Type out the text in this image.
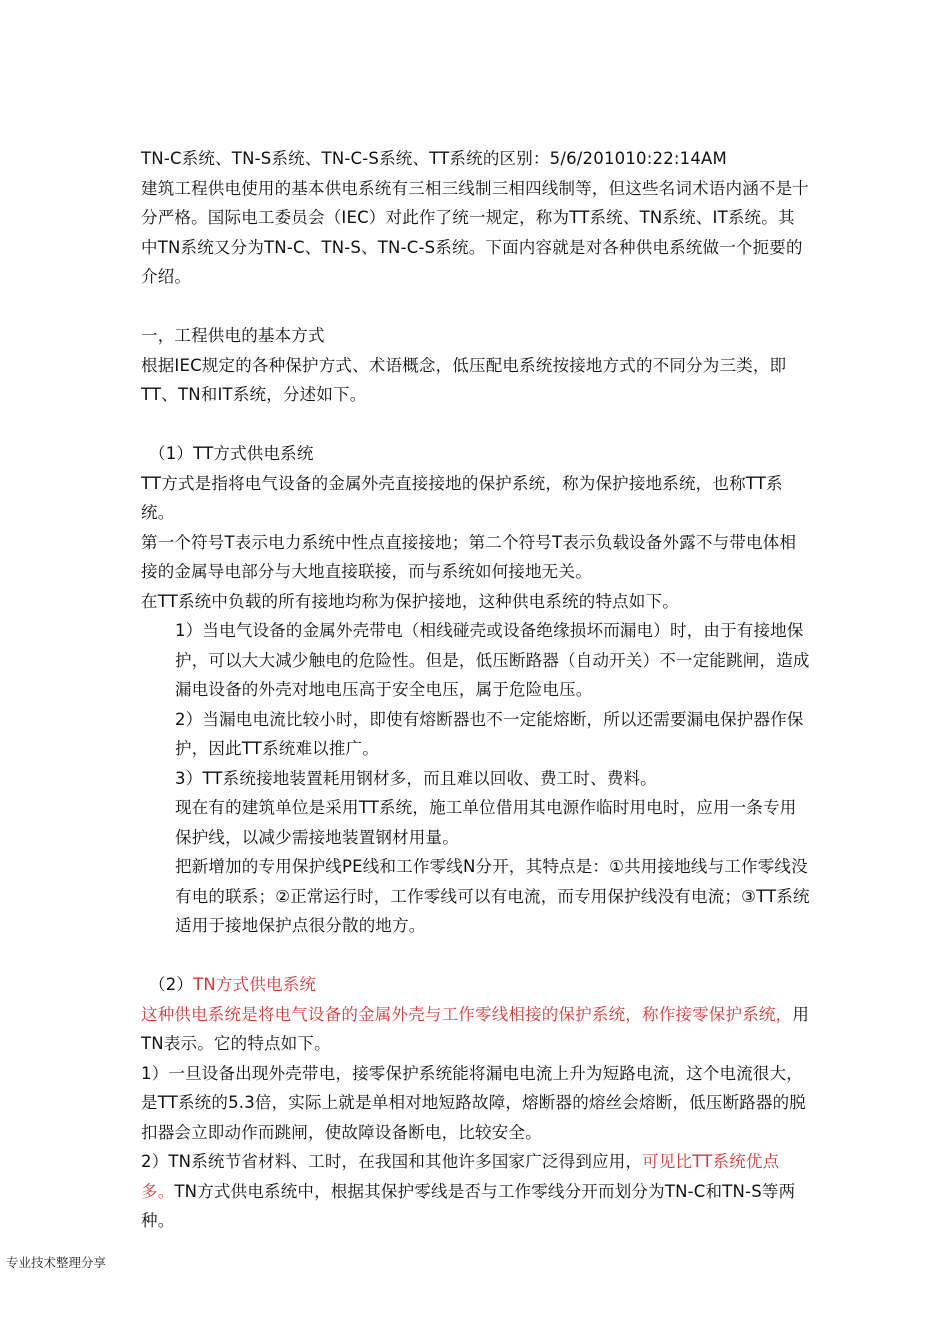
TN-C系统、TN-S系统、TN-C-S系统、TT系统的区别：5/6/201010:22:14AM

建筑工程供电使用的基本供电系统有三相三线制三相四线制等，但这些名词术语内涵不是十分严格。国际电工委员会（IEC）对此作了统一规定，称为TT系统、TN系统、IT系统。其中TN系统又分为TN-C、TN-S、TN-C-S系统。下面内容就是对各种供电系统做一个扼要的介绍。

一，工程供电的基本方式

根据IEC规定的各种保护方式、术语概念，低压配电系统按接地方式的不同分为三类，即TT、TN和IT系统，分述如下。

（1）TT方式供电系统

TT方式是指将电气设备的金属外壳直接接地的保护系统，称为保护接地系统，也称TT系统。

第一个符号T表示电力系统中性点直接接地；第二个符号T表示负载设备外露不与带电体相接的金属导电部分与大地直接联接，而与系统如何接地无关。

在TT系统中负载的所有接地均称为保护接地，这种供电系统的特点如下。

1）当电气设备的金属外壳带电（相线碰壳或设备绝缘损坏而漏电）时，由于有接地保护，可以大大减少触电的危险性。但是，低压断路器（自动开关）不一定能跳闸，造成漏电设备的外壳对地电压高于安全电压，属于危险电压。

2）当漏电电流比较小时，即使有熔断器也不一定能熔断，所以还需要漏电保护器作保护，因此TT系统难以推广。

3）TT系统接地装置耗用钢材多，而且难以回收、费工时、费料。

现在有的建筑单位是采用TT系统，施工单位借用其电源作临时用电时，应用一条专用保护线，以减少需接地装置钢材用量。

把新增加的专用保护线PE线和工作零线N分开，其特点是：①共用接地线与工作零线没有电的联系；②正常运行时，工作零线可以有电流，而专用保护线没有电流；③TT系统适用于接地保护点很分散的地方。

（2）TN方式供电系统

这种供电系统是将电气设备的金属外壳与工作零线相接的保护系统，称作接零保护系统，用TN表示。它的特点如下。

1）一旦设备出现外壳带电，接零保护系统能将漏电电流上升为短路电流，这个电流很大，是TT系统的5.3倍，实际上就是单相对地短路故障，熔断器的熔丝会熔断，低压断路器的脱扣器会立即动作而跳闸，使故障设备断电，比较安全。

2）TN系统节省材料、工时，在我国和其他许多国家广泛得到应用，可见比TT系统优点多。TN方式供电系统中，根据其保护零线是否与工作零线分开而划分为TN-C和TN-S等两种。

专业技术整理分享
